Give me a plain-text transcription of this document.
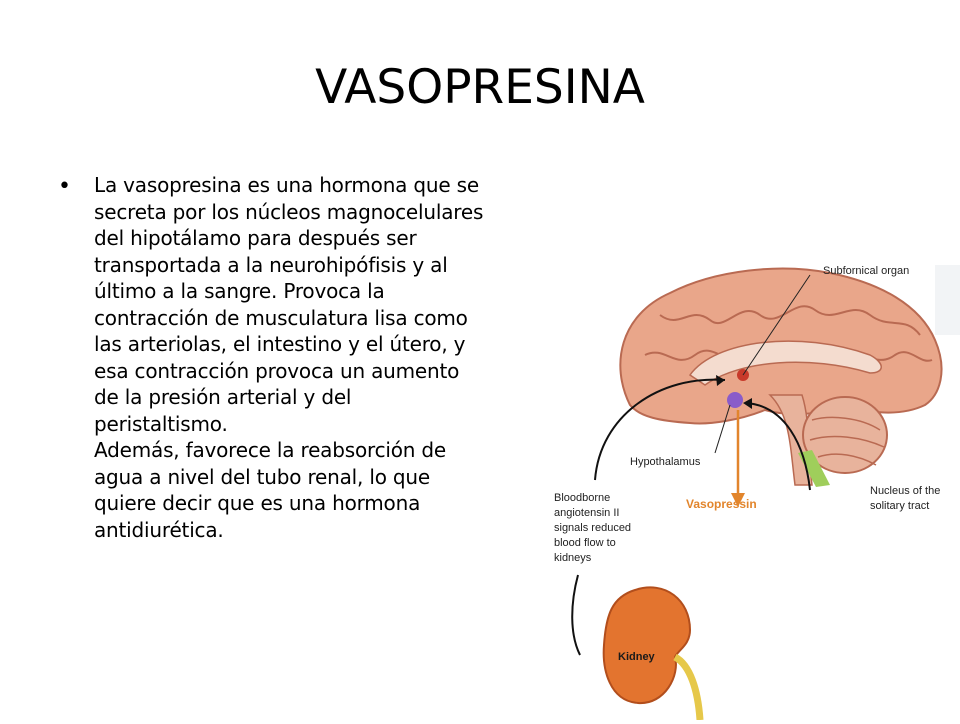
VASOPRESINA
• La vasopresina es una hormona que se secreta por los núcleos magnocelulares del hipotálamo para después ser transportada a la neurohipófisis y al último a la sangre. Provoca la contracción de musculatura lisa como las arteriolas, el intestino y el útero, y esa contracción provoca un aumento de la presión arterial y del peristaltismo.

Además, favorece la reabsorción de agua a nivel del tubo renal, lo que quiere decir que es una hormona antidiurética.

Subfornical organ
Hypothalamus
Vasopressin
Nucleus of the
solitary tract
Bloodborne
angiotensin II
signals reduced
blood flow to
kidneys
Kidney
